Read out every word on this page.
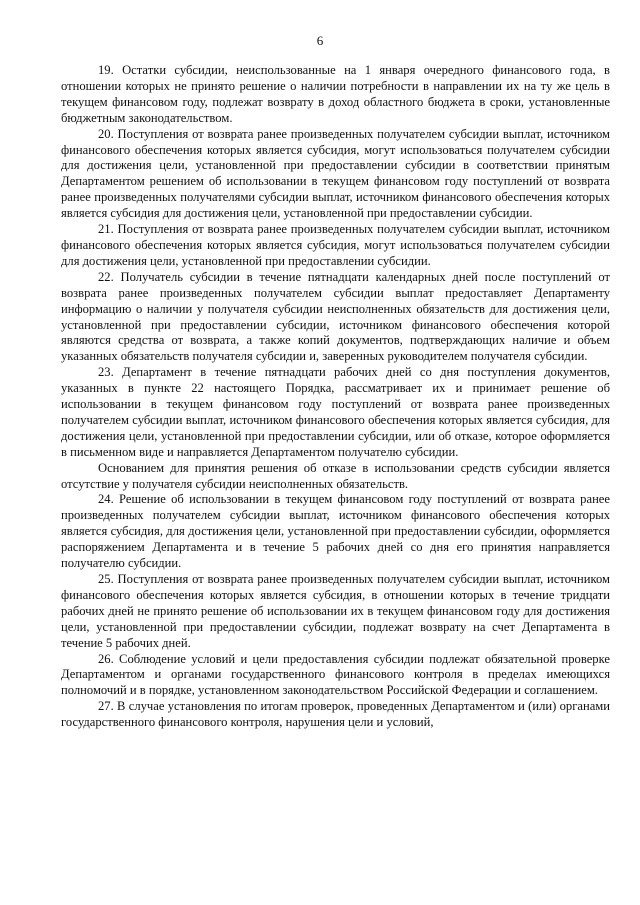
6

19. Остатки субсидии, неиспользованные на 1 января очередного финансового года, в отношении которых не принято решение о наличии потребности в направлении их на ту же цель в текущем финансовом году, подлежат возврату в доход областного бюджета в сроки, установленные бюджетным законодательством.

20. Поступления от возврата ранее произведенных получателем субсидии выплат, источником финансового обеспечения которых является субсидия, могут использоваться получателем субсидии для достижения цели, установленной при предоставлении субсидии в соответствии принятым Департаментом решением об использовании в текущем финансовом году поступлений от возврата ранее произведенных получателями субсидии выплат, источником финансового обеспечения которых является субсидия для достижения цели, установленной при предоставлении субсидии.

21. Поступления от возврата ранее произведенных получателем субсидии выплат, источником финансового обеспечения которых является субсидия, могут использоваться получателем субсидии для достижения цели, установленной при предоставлении субсидии.

22. Получатель субсидии в течение пятнадцати календарных дней после поступлений от возврата ранее произведенных получателем субсидии выплат предоставляет Департаменту информацию о наличии у получателя субсидии неисполненных обязательств для достижения цели, установленной при предоставлении субсидии, источником финансового обеспечения которой являются средства от возврата, а также копий документов, подтверждающих наличие и объем указанных обязательств получателя субсидии и, заверенных руководителем получателя субсидии.

23. Департамент в течение пятнадцати рабочих дней со дня поступления документов, указанных в пункте 22 настоящего Порядка, рассматривает их и принимает решение об использовании в текущем финансовом году поступлений от возврата ранее произведенных получателем субсидии выплат, источником финансового обеспечения которых является субсидия, для достижения цели, установленной при предоставлении субсидии, или об отказе, которое оформляется в письменном виде и направляется Департаментом получателю субсидии.

Основанием для принятия решения об отказе в использовании средств субсидии является отсутствие у получателя субсидии неисполненных обязательств.

24. Решение об использовании в текущем финансовом году поступлений от возврата ранее произведенных получателем субсидии выплат, источником финансового обеспечения которых является субсидия, для достижения цели, установленной при предоставлении субсидии, оформляется распоряжением Департамента и в течение 5 рабочих дней со дня его принятия направляется получателю субсидии.

25. Поступления от возврата ранее произведенных получателем субсидии выплат, источником финансового обеспечения которых является субсидия, в отношении которых в течение тридцати рабочих дней не принято решение об использовании их в текущем финансовом году для достижения цели, установленной при предоставлении субсидии, подлежат возврату на счет Департамента в течение 5 рабочих дней.

26. Соблюдение условий и цели предоставления субсидии подлежат обязательной проверке Департаментом и органами государственного финансового контроля в пределах имеющихся полномочий и в порядке, установленном законодательством Российской Федерации и соглашением.

27. В случае установления по итогам проверок, проведенных Департаментом и (или) органами государственного финансового контроля, нарушения цели и условий,
